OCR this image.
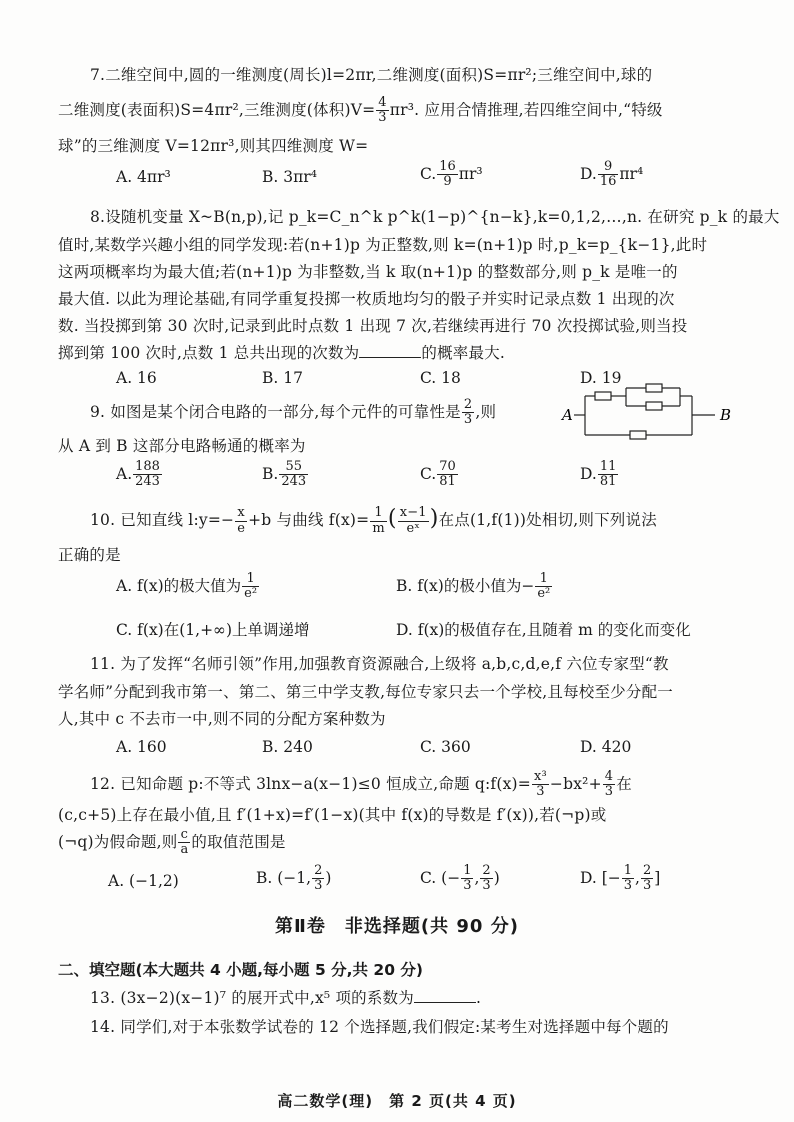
7.二维空间中,圆的一维测度(周长)l=2πr,二维测度(面积)S=πr²;三维空间中,球的
二维测度(表面积)S=4πr²,三维测度(体积)$V= \frac{4}{3} \pi r^3$. 应用合情推理,若四维空间中,“特级
球”的三维测度 V=12πr³,则其四维测度 W=
A. 4πr³	B. 3πr⁴	C. $\frac{16}{9} \pi r^3$	D. $\frac{9}{16} \pi r^4$
8.设随机变量 X~B(n,p),记 p_k=C_n^k p^k(1−p)^{n−k},k=0,1,2,…,n. 在研究 p_k 的最大
值时,某数学兴趣小组的同学发现:若(n+1)p 为正整数,则 k=(n+1)p 时,p_k=p_{k−1},此时
这两项概率均为最大值;若(n+1)p 为非整数,当 k 取(n+1)p 的整数部分,则 p_k 是唯一的
最大值. 以此为理论基础,有同学重复投掷一枚质地均匀的骰子并实时记录点数 1 出现的次
数. 当投掷到第 30 次时,记录到此时点数 1 出现 7 次,若继续再进行 70 次投掷试验,则当投
掷到第 100 次时,点数 1 总共出现的次数为	的概率最大.
A. 16	B. 17	C. 18	D. 19
9. 如图是某个闭合电路的一部分,每个元件的可靠性是 $\frac{2}{3}$ ,则
从 A 到 B 这部分电路畅通的概率为
A	B
A. $\frac{188}{243}$	B. $\frac{55}{243}$	C. $\frac{70}{81}$	D. $\frac{11}{81}$
10. 已知直线 l:y=− $\frac{x}{e} +b$ 与曲线 $f(x)= \frac{1}{m}$ ( $\frac{x-1}{\text{eˣ}}$ )在点(1,f(1))处相切,则下列说法
正确的是
A. f(x)的极大值为 $\frac{1}{\text{e²}}$	B. f(x)的极小值为− $\frac{1}{\text{e²}}$
C. f(x)在(1,+∞)上单调递增	D. f(x)的极值存在,且随着 m 的变化而变化
11. 为了发挥“名师引领”作用,加强教育资源融合,上级将 a,b,c,d,e,f 六位专家型“教
学名师”分配到我市第一、第二、第三中学支教,每位专家只去一个学校,且每校至少分配一
人,其中 c 不去市一中,则不同的分配方案种数为
A. 160	B. 240	C. 360	D. 420
12. 已知命题 p:不等式 3lnx−a(x−1)≤0 恒成立,命题 q:f(x)= $\frac{\text{x³}}{3} -bx^2+ \frac{4}{3}$ 在
(c,c+5)上存在最小值,且 f′(1+x)=f′(1−x)(其中 f(x)的导数是 f′(x)),若(¬p)或
(¬q)为假命题,则 $\frac{c}{a}$ 的取值范围是
A. (−1,2)	B. (−1, $\frac{2}{3}$ )	C. (− $\frac{1}{3}$ , $\frac{2}{3}$ )	D. [− $\frac{1}{3}$ , $\frac{2}{3}$ ]
第Ⅱ卷　非选择题(共 90 分)
二、填空题(本大题共 4 小题,每小题 5 分,共 20 分)
13. (3x−2)(x−1)⁷ 的展开式中,x⁵ 项的系数为	.
14. 同学们,对于本张数学试卷的 12 个选择题,我们假定:某考生对选择题中每个题的
高二数学(理)　第 2 页(共 4 页)
